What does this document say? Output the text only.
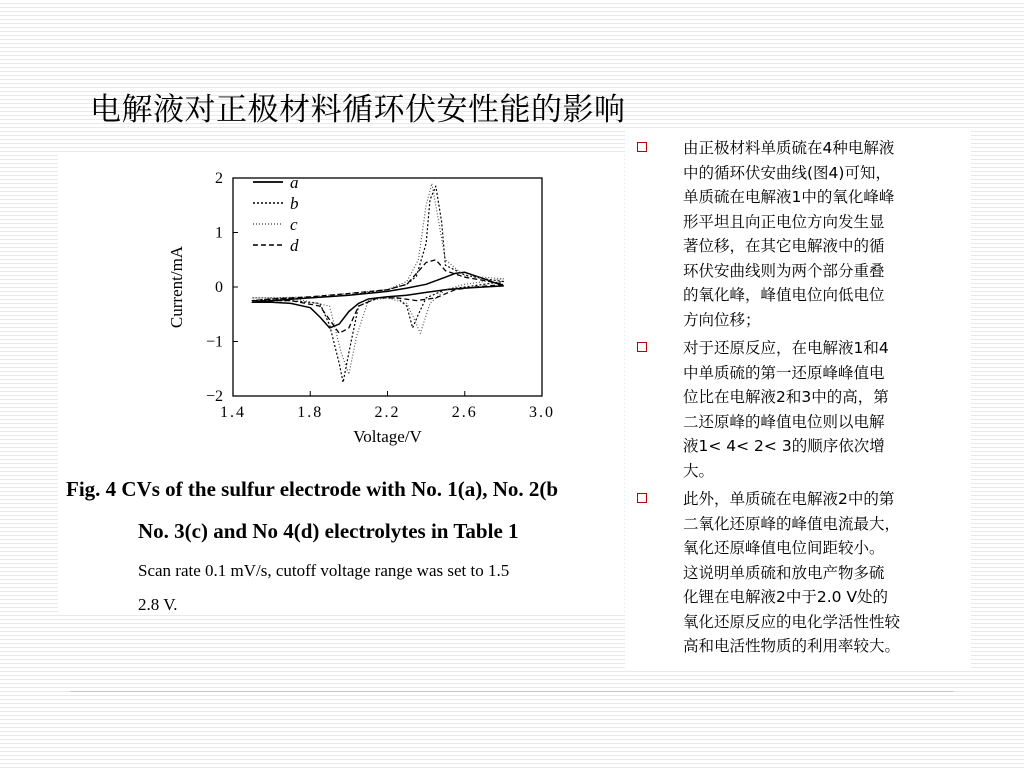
电解液对正极材料循环伏安性能的影响
1.4	1.8	2.2	2.6	3.0
2
1
0
−1
−2
Voltage/V
Current/mA
a
b
c
d
Fig. 4 CVs of the sulfur electrode with No. 1(a), No. 2(b
No. 3(c) and No 4(d) electrolytes in Table 1
Scan rate 0.1 mV/s, cutoff voltage range was set to 1.5
2.8 V.
由正极材料单质硫在4种电解液
中的循环伏安曲线(图4)可知，
单质硫在电解液1中的氧化峰峰
形平坦且向正电位方向发生显
著位移，在其它电解液中的循
环伏安曲线则为两个部分重叠
的氧化峰，峰值电位向低电位
方向位移；
对于还原反应，在电解液1和4
中单质硫的第一还原峰峰值电
位比在电解液2和3中的高，第
二还原峰的峰值电位则以电解
液1< 4< 2< 3的顺序依次增
大。
此外，单质硫在电解液2中的第
二氧化还原峰的峰值电流最大，
氧化还原峰值电位间距较小。
这说明单质硫和放电产物多硫
化锂在电解液2中于2.0 V处的
氧化还原反应的电化学活性性较
高和电活性物质的利用率较大。
